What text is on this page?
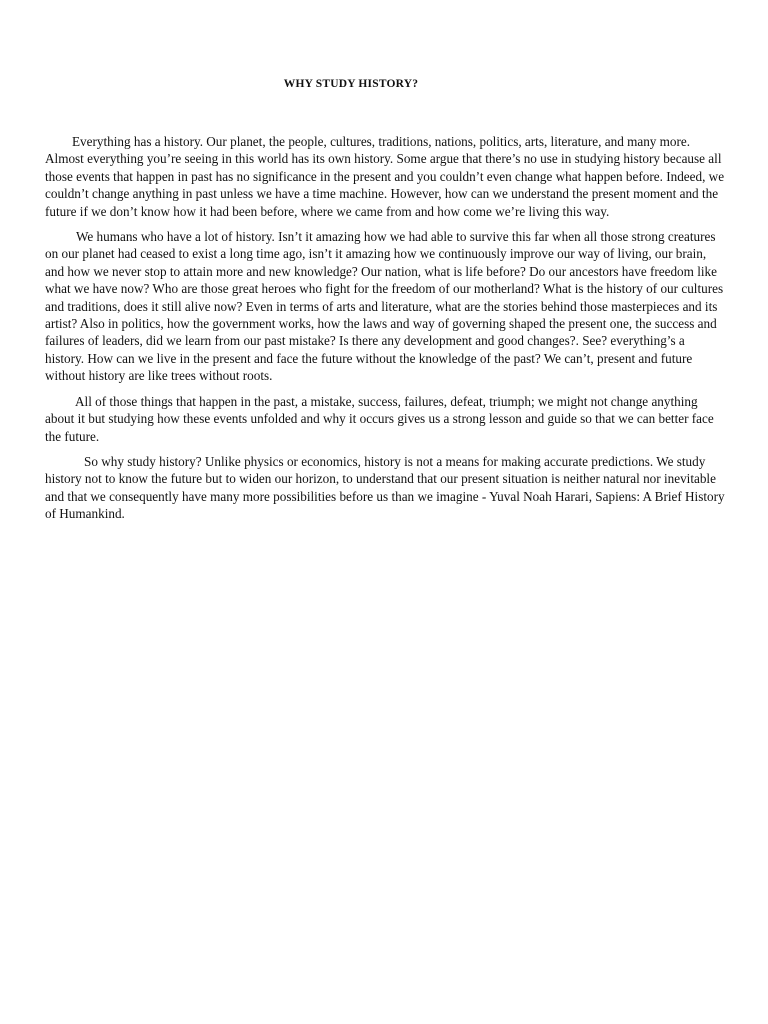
WHY STUDY HISTORY?

Everything has a history. Our planet, the people, cultures, traditions, nations, politics, arts, literature, and many more. Almost everything you’re seeing in this world has its own history. Some argue that there’s no use in studying history because all those events that happen in past has no significance in the present and you couldn’t even change what happen before. Indeed, we couldn’t change anything in past unless we have a time machine. However, how can we understand the present moment and the future if we don’t know how it had been before, where we came from and how come we’re living this way.

We humans who have a lot of history. Isn’t it amazing how we had able to survive this far when all those strong creatures on our planet had ceased to exist a long time ago, isn’t it amazing how we continuously improve our way of living, our brain, and how we never stop to attain more and new knowledge? Our nation, what is life before? Do our ancestors have freedom like what we have now? Who are those great heroes who fight for the freedom of our motherland? What is the history of our cultures and traditions, does it still alive now? Even in terms of arts and literature, what are the stories behind those masterpieces and its artist? Also in politics, how the government works, how the laws and way of governing shaped the present one, the success and failures of leaders, did we learn from our past mistake? Is there any development and good changes?. See? everything’s a history. How can we live in the present and face the future without the knowledge of the past? We can’t, present and future without history are like trees without roots.

All of those things that happen in the past, a mistake, success, failures, defeat, triumph; we might not change anything about it but studying how these events unfolded and why it occurs gives us a strong lesson and guide so that we can better face the future.

So why study history? Unlike physics or economics, history is not a means for making accurate predictions. We study history not to know the future but to widen our horizon, to understand that our present situation is neither natural nor inevitable and that we consequently have many more possibilities before us than we imagine - Yuval Noah Harari, Sapiens: A Brief History of Humankind.
